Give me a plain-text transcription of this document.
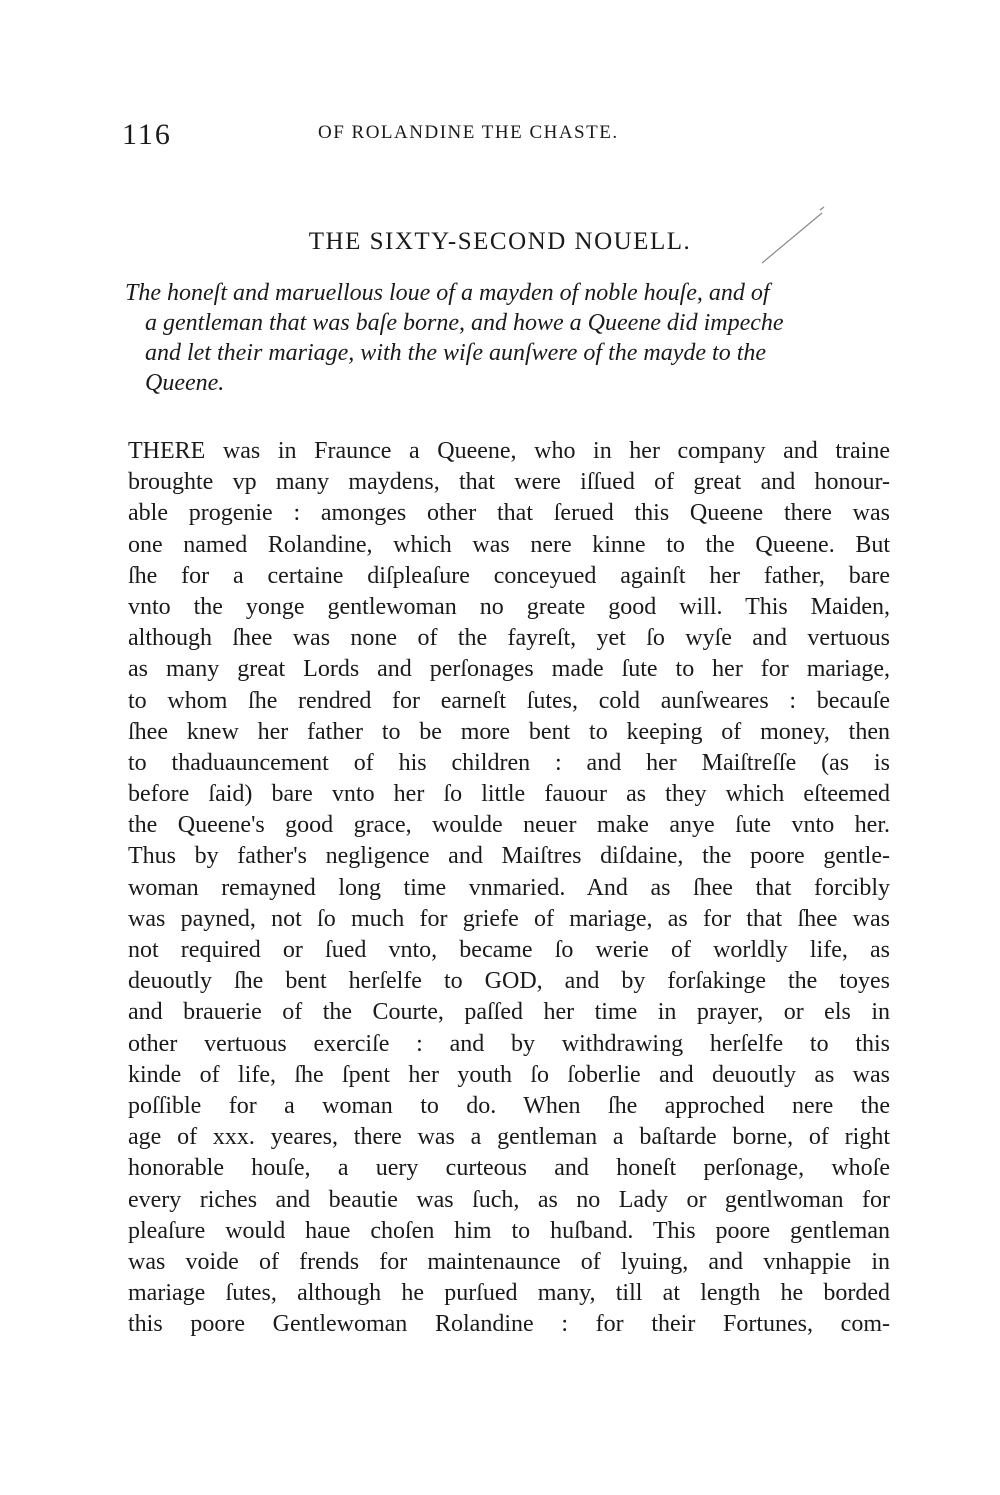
116	OF ROLANDINE THE CHASTE.
THE SIXTY-SECOND NOUELL.
The honeſt and maruellous loue of a mayden of noble houſe, and of
a gentleman that was baſe borne, and howe a Queene did impeche
and let their mariage, with the wiſe aunſwere of the mayde to the
Queene.
THERE was in Fraunce a Queene, who in her company and traine
broughte vp many maydens, that were iſſued of great and honour-
able progenie : amonges other that ſerued this Queene there was
one named Rolandine, which was nere kinne to the Queene. But
ſhe for a certaine diſpleaſure conceyued againſt her father, bare
vnto the yonge gentlewoman no greate good will. This Maiden,
although ſhee was none of the fayreſt, yet ſo wyſe and vertuous
as many great Lords and perſonages made ſute to her for mariage,
to whom ſhe rendred for earneſt ſutes, cold aunſweares : becauſe
ſhee knew her father to be more bent to keeping of money, then
to thaduauncement of his children : and her Maiſtreſſe (as is
before ſaid) bare vnto her ſo little fauour as they which eſteemed
the Queene's good grace, woulde neuer make anye ſute vnto her.
Thus by father's negligence and Maiſtres diſdaine, the poore gentle-
woman remayned long time vnmaried. And as ſhee that forcibly
was payned, not ſo much for griefe of mariage, as for that ſhee was
not required or ſued vnto, became ſo werie of worldly life, as
deuoutly ſhe bent herſelfe to GOD, and by forſakinge the toyes
and brauerie of the Courte, paſſed her time in prayer, or els in
other vertuous exerciſe : and by withdrawing herſelfe to this
kinde of life, ſhe ſpent her youth ſo ſoberlie and deuoutly as was
poſſible for a woman to do. When ſhe approched nere the
age of xxx. yeares, there was a gentleman a baſtarde borne, of right
honorable houſe, a uery curteous and honeſt perſonage, whoſe
every riches and beautie was ſuch, as no Lady or gentlwoman for
pleaſure would haue choſen him to huſband. This poore gentleman
was voide of frends for maintenaunce of lyuing, and vnhappie in
mariage ſutes, although he purſued many, till at length he borded
this poore Gentlewoman Rolandine : for their Fortunes, com-
